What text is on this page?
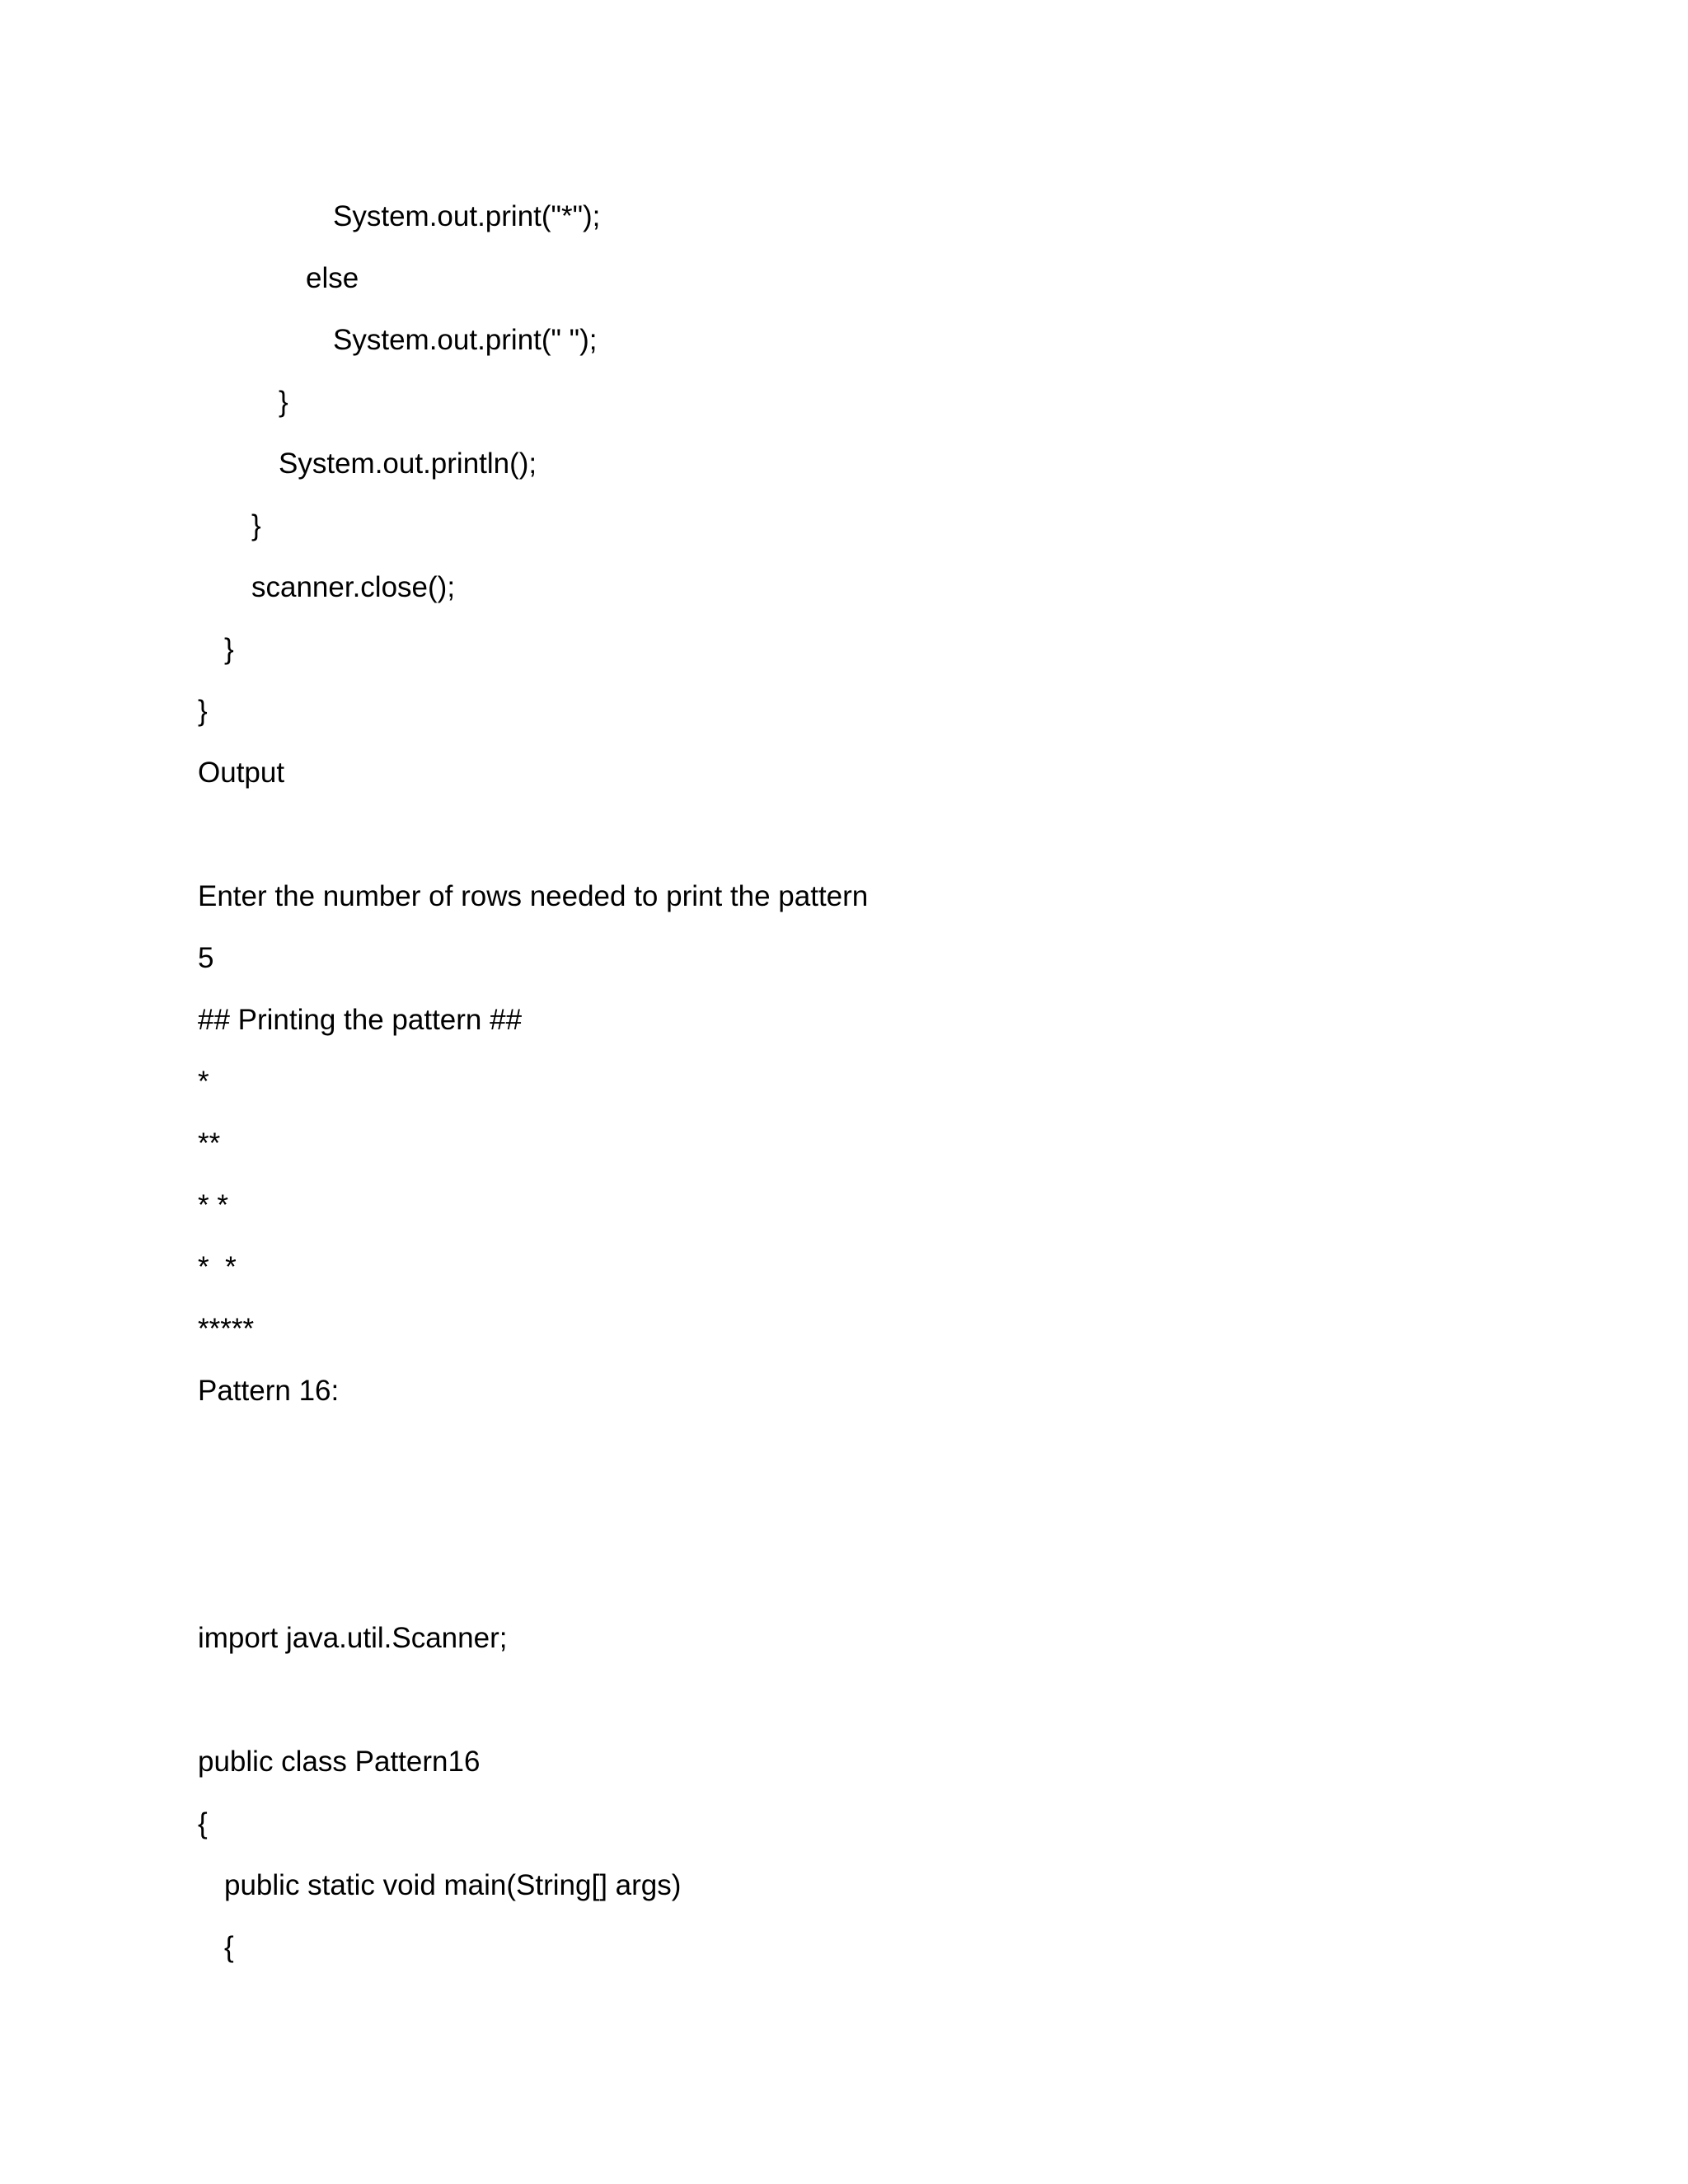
System.out.print("*");
else
System.out.print(" ");
}
System.out.println();
}
scanner.close();
}
}
Output
Enter the number of rows needed to print the pattern
5
## Printing the pattern ##
*
**
* *
*  *
*****
Pattern 16:
import java.util.Scanner;
public class Pattern16
{
public static void main(String[] args)
{
